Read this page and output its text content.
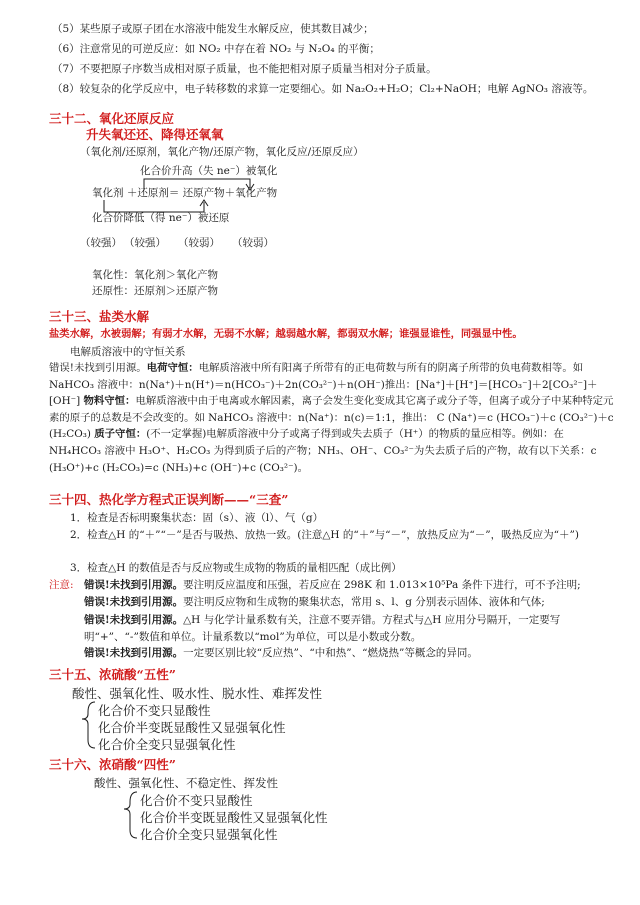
（5）某些原子或原子团在水溶液中能发生水解反应，使其数目减少；
（6）注意常见的可逆反应：如 NO₂ 中存在着 NO₂ 与 N₂O₄ 的平衡；
（7）不要把原子序数当成相对原子质量，也不能把相对原子质量当相对分子质量。
（8）较复杂的化学反应中，电子转移数的求算一定要细心。如 Na₂O₂+H₂O；Cl₂+NaOH；电解 AgNO₃ 溶液等。
三十二、氧化还原反应
升失氧还还、降得还氧氧
（氧化剂/还原剂，氧化产物/还原产物，氧化反应/还原反应）
化合价升高（失 ne⁻）被氧化
氧化剂 ＋还原剂＝ 还原产物＋氧化产物
化合价降低（得 ne⁻）被还原
（较强） （较强） （较弱） （较弱）
氧化性：氧化剂＞氧化产物
还原性：还原剂＞还原产物
三十三、盐类水解
盐类水解，水被弱解；有弱才水解，无弱不水解；越弱越水解，都弱双水解；谁强显谁性，同强显中性。
电解质溶液中的守恒关系
错误!未找到引用源。电荷守恒：电解质溶液中所有阳离子所带有的正电荷数与所有的阴离子所带的负电荷数相等。如 NaHCO₃ 溶液中：n(Na⁺)＋n(H⁺)＝n(HCO₃⁻)＋2n(CO₃²⁻)＋n(OH⁻)推出：[Na⁺]＋[H⁺]＝[HCO₃⁻]＋2[CO₃²⁻]＋[OH⁻] 物料守恒：电解质溶液中由于电离或水解因素，离子会发生变化变成其它离子或分子等，但离子或分子中某种特定元素的原子的总数是不会改变的。如 NaHCO₃ 溶液中：n(Na⁺)：n(c)＝1:1，推出： C (Na⁺)＝c (HCO₃⁻)＋c (CO₃²⁻)＋c (H₂CO₃) 质子守恒：(不一定掌握)电解质溶液中分子或离子得到或失去质子（H⁺）的物质的量应相等。例如：在 NH₄HCO₃ 溶液中 H₃O⁺、H₂CO₃ 为得到质子后的产物；NH₃、OH⁻、CO₃²⁻为失去质子后的产物，故有以下关系：c (H₃O⁺)+c (H₂CO₃)=c (NH₃)+c (OH⁻)+c (CO₃²⁻)。
三十四、热化学方程式正误判断——“三查”
1．检查是否标明聚集状态：固（s）、液（l）、气（g）
2．检查△H 的“＋”“－”是否与吸热、放热一致。(注意△H 的“＋”与“－”，放热反应为“－”，吸热反应为“＋”)
3．检查△H 的数值是否与反应物或生成物的物质的量相匹配（成比例）
注意: 错误!未找到引用源。要注明反应温度和压强，若反应在 298K 和 1.013×10⁵Pa 条件下进行，可不予注明;
错误!未找到引用源。要注明反应物和生成物的聚集状态，常用 s、l、g 分别表示固体、液体和气体;
错误!未找到引用源。△H 与化学计量系数有关，注意不要弄错。方程式与△H 应用分号隔开，一定要写明“+”、“-”数值和单位。计量系数以“mol”为单位，可以是小数或分数。
错误!未找到引用源。一定要区别比较“反应热”、“中和热”、“燃烧热”等概念的异同。
三十五、浓硫酸“五性”
酸性、强氧化性、吸水性、脱水性、难挥发性
化合价不变只显酸性
化合价半变既显酸性又显强氧化性
化合价全变只显强氧化性
三十六、浓硝酸“四性”
酸性、强氧化性、不稳定性、挥发性
化合价不变只显酸性
化合价半变既显酸性又显强氧化性
化合价全变只显强氧化性
